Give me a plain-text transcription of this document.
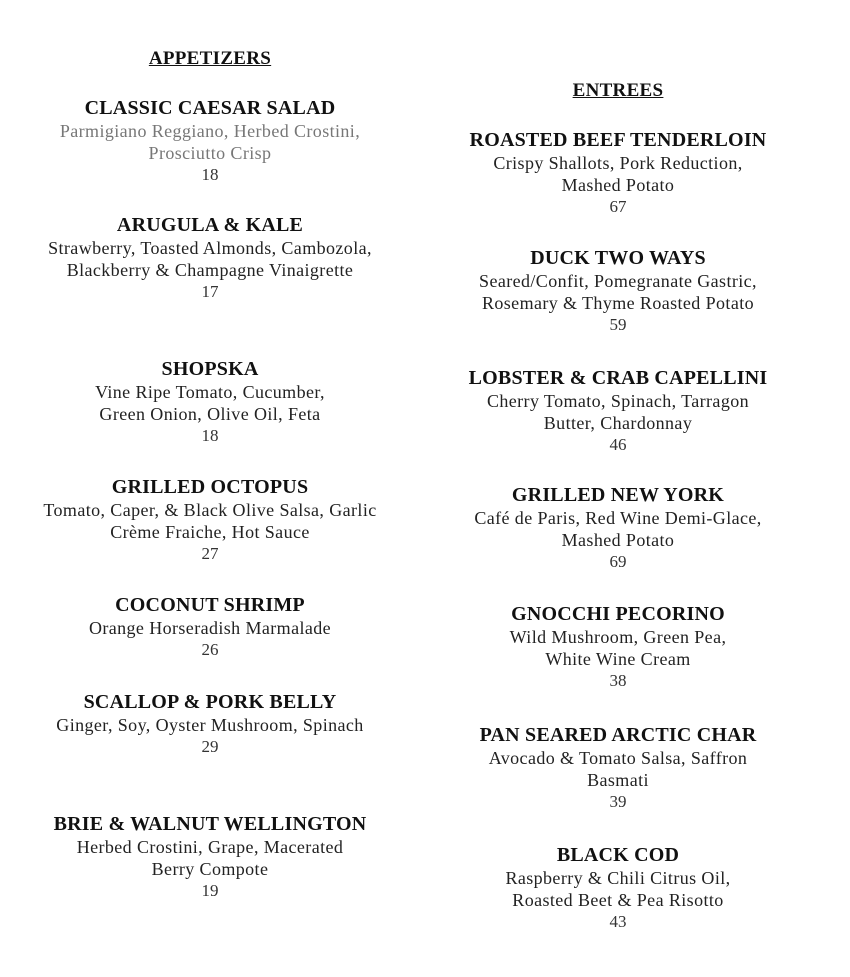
APPETIZERS
CLASSIC CAESAR SALAD
Parmigiano Reggiano, Herbed Crostini, Prosciutto Crisp
18
ARUGULA & KALE
Strawberry, Toasted Almonds, Cambozola, Blackberry & Champagne Vinaigrette
17
SHOPSKA
Vine Ripe Tomato, Cucumber, Green Onion, Olive Oil, Feta
18
GRILLED OCTOPUS
Tomato, Caper, & Black Olive Salsa, Garlic Crème Fraiche, Hot Sauce
27
COCONUT SHRIMP
Orange Horseradish Marmalade
26
SCALLOP & PORK BELLY
Ginger, Soy, Oyster Mushroom, Spinach
29
BRIE & WALNUT WELLINGTON
Herbed Crostini, Grape, Macerated Berry Compote
19
ENTREES
ROASTED BEEF TENDERLOIN
Crispy Shallots, Pork Reduction, Mashed Potato
67
DUCK TWO WAYS
Seared/Confit, Pomegranate Gastric, Rosemary & Thyme Roasted Potato
59
LOBSTER & CRAB CAPELLINI
Cherry Tomato, Spinach, Tarragon Butter, Chardonnay
46
GRILLED NEW YORK
Café de Paris, Red Wine Demi-Glace, Mashed Potato
69
GNOCCHI PECORINO
Wild Mushroom, Green Pea, White Wine Cream
38
PAN SEARED ARCTIC CHAR
Avocado & Tomato Salsa, Saffron Basmati
39
BLACK COD
Raspberry & Chili Citrus Oil, Roasted Beet & Pea Risotto
43
